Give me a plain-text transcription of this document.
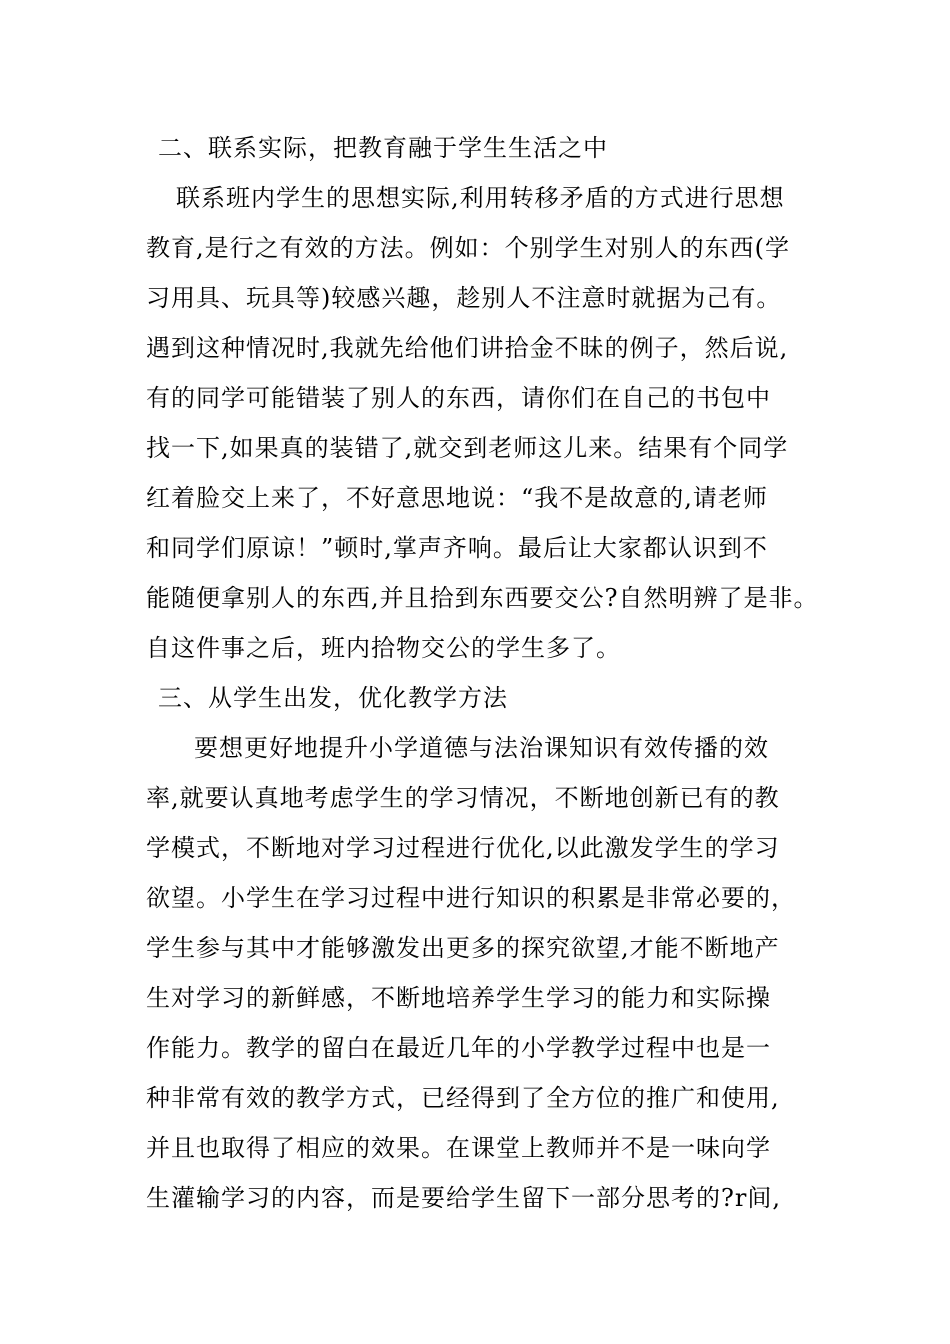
二、联系实际，把教育融于学生生活之中
联系班内学生的思想实际,利用转移矛盾的方式进行思想
教育,是行之有效的方法。例如：个别学生对别人的东西(学
习用具、玩具等)较感兴趣，趁别人不注意时就据为己有。
遇到这种情况时,我就先给他们讲拾金不昧的例子，然后说,
有的同学可能错装了别人的东西，请你们在自己的书包中
找一下,如果真的装错了,就交到老师这儿来。结果有个同学
红着脸交上来了，不好意思地说：“我不是故意的,请老师
和同学们原谅！”顿时,掌声齐响。最后让大家都认识到不
能随便拿别人的东西,并且拾到东西要交公?自然明辨了是非。
自这件事之后，班内拾物交公的学生多了。
三、从学生出发，优化教学方法
要想更好地提升小学道德与法治课知识有效传播的效
率,就要认真地考虑学生的学习情况，不断地创新已有的教
学模式，不断地对学习过程进行优化,以此激发学生的学习
欲望。小学生在学习过程中进行知识的积累是非常必要的，
学生参与其中才能够激发出更多的探究欲望,才能不断地产
生对学习的新鲜感，不断地培养学生学习的能力和实际操
作能力。教学的留白在最近几年的小学教学过程中也是一
种非常有效的教学方式，已经得到了全方位的推广和使用,
并且也取得了相应的效果。在课堂上教师并不是一味向学
生灌输学习的内容，而是要给学生留下一部分思考的?r间,
